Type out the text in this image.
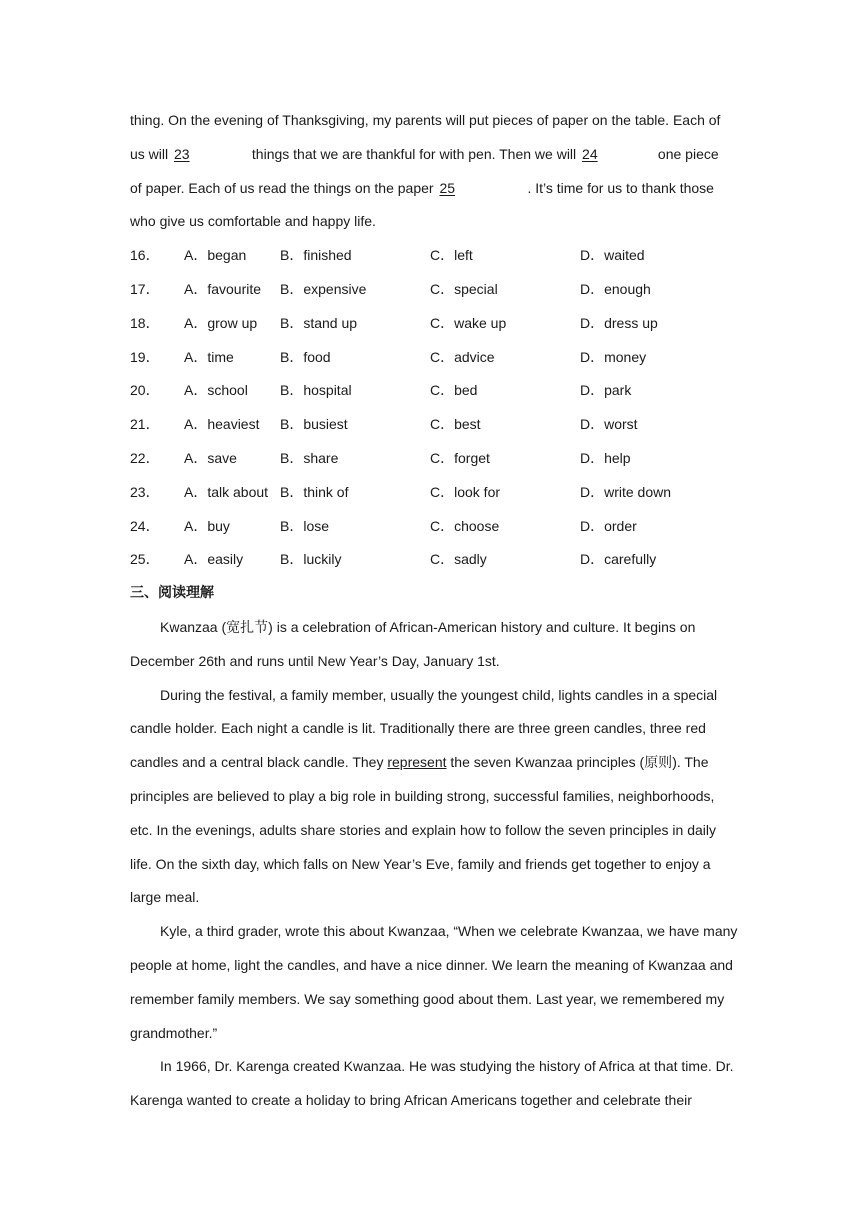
thing. On the evening of Thanksgiving, my parents will put pieces of paper on the table. Each of
us will 23	things that we are thankful for with pen. Then we will 24	one piece
of paper. Each of us read the things on the paper 25	. It’s time for us to thank those
who give us comfortable and happy life.
16．	A．began	B．finished	C．left	D．waited
17．	A．favourite	B．expensive	C．special	D．enough
18．	A．grow up	B．stand up	C．wake up	D．dress up
19．	A．time	B．food	C．advice	D．money
20．	A．school	B．hospital	C．bed	D．park
21．	A．heaviest	B．busiest	C．best	D．worst
22．	A．save	B．share	C．forget	D．help
23．	A．talk about B．think of	C．look for	D．write down
24．	A．buy	B．lose	C．choose	D．order
25．	A．easily	B．luckily	C．sadly	D．carefully
三、阅读理解
Kwanzaa (宽扎节) is a celebration of African-American history and culture. It begins on
December 26th and runs until New Year’s Day, January 1st.
During the festival, a family member, usually the youngest child, lights candles in a special
candle holder. Each night a candle is lit. Traditionally there are three green candles, three red
candles and a central black candle. They represent the seven Kwanzaa principles (原则). The
principles are believed to play a big role in building strong, successful families, neighborhoods,
etc. In the evenings, adults share stories and explain how to follow the seven principles in daily
life. On the sixth day, which falls on New Year’s Eve, family and friends get together to enjoy a
large meal.
Kyle, a third grader, wrote this about Kwanzaa, “When we celebrate Kwanzaa, we have many
people at home, light the candles, and have a nice dinner. We learn the meaning of Kwanzaa and
remember family members. We say something good about them. Last year, we remembered my
grandmother.”
In 1966, Dr. Karenga created Kwanzaa. He was studying the history of Africa at that time. Dr.
Karenga wanted to create a holiday to bring African Americans together and celebrate their
